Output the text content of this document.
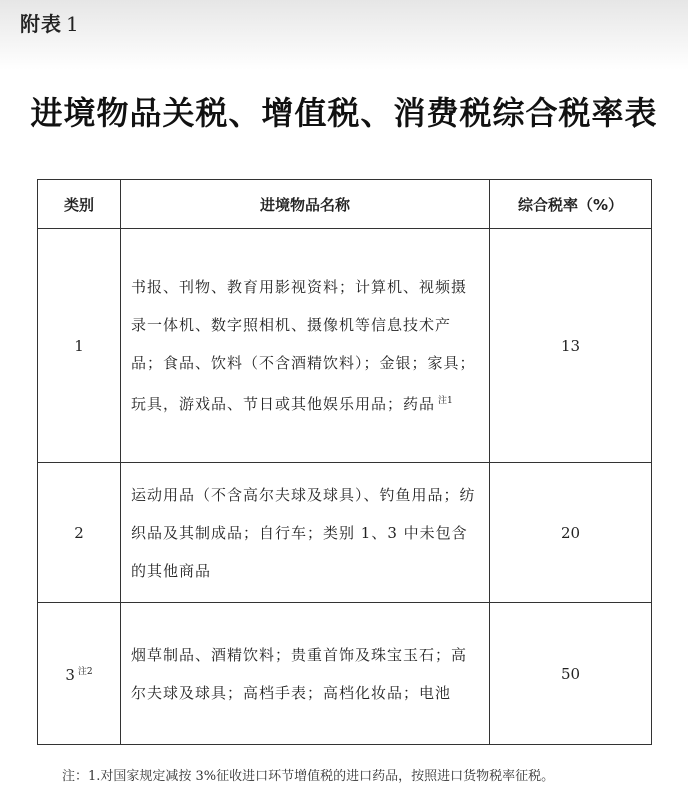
附表 1
进境物品关税、增值税、消费税综合税率表
类别	进境物品名称	综合税率（%）
1	书报、刊物、教育用影视资料；计算机、视频摄录一体机、数字照相机、摄像机等信息技术产品；食品、饮料（不含酒精饮料）；金银；家具；玩具，游戏品、节日或其他娱乐用品；药品 $^{注1}$	13
2	运动用品（不含高尔夫球及球具）、钓鱼用品；纺织品及其制成品；自行车；类别 1、3 中未包含的其他商品	20
3 $^{注2}$	烟草制品、酒精饮料；贵重首饰及珠宝玉石；高尔夫球及球具；高档手表；高档化妆品；电池	50
注：1.对国家规定减按 3%征收进口环节增值税的进口药品，按照进口货物税率征税。
